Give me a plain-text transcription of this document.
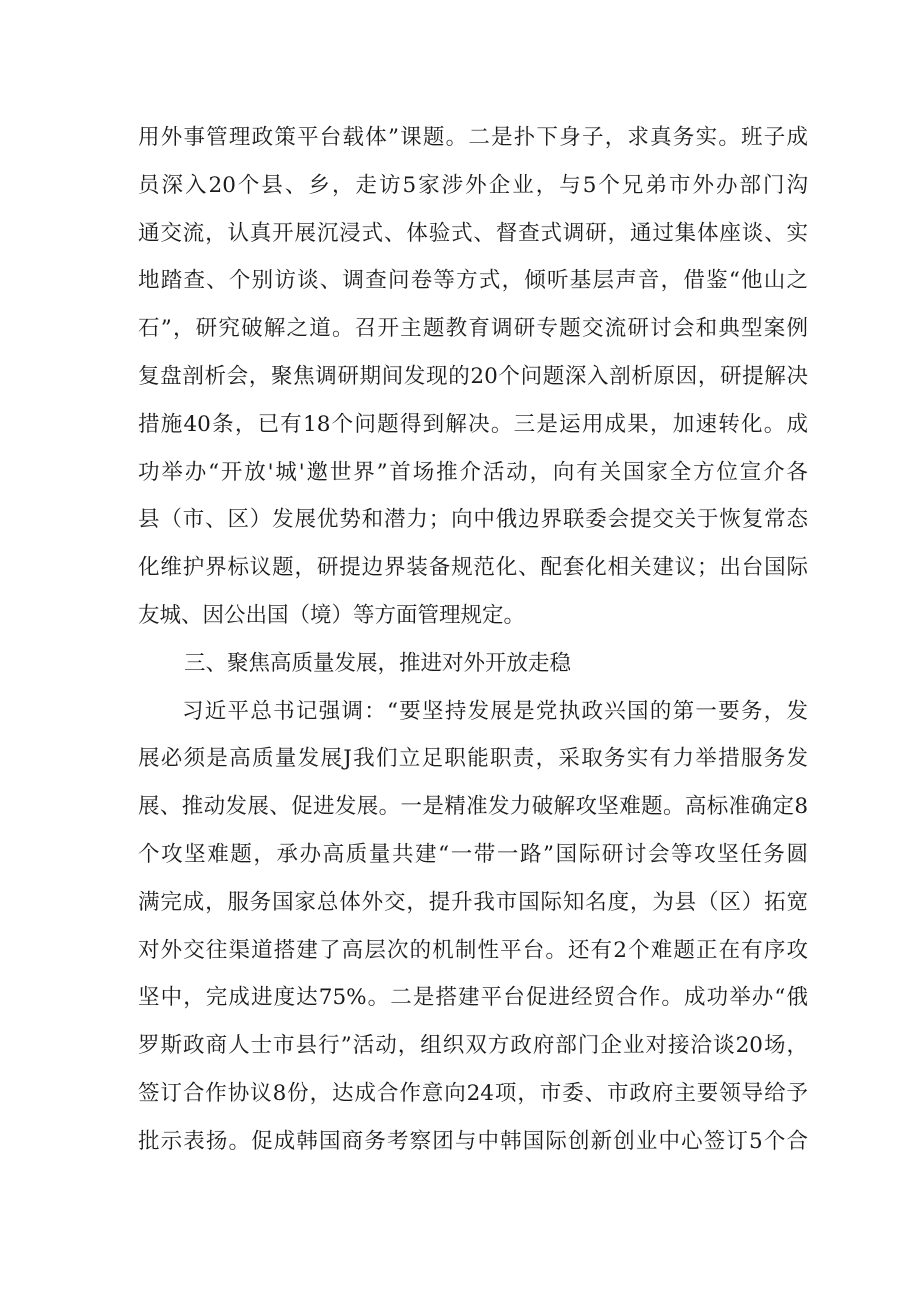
用外事管理政策平台载体”课题。二是扑下身子，求真务实。班子成
员深入20个县、乡，走访5家涉外企业，与5个兄弟市外办部门沟
通交流，认真开展沉浸式、体验式、督查式调研，通过集体座谈、实
地踏查、个别访谈、调查问卷等方式，倾听基层声音，借鉴“他山之
石”，研究破解之道。召开主题教育调研专题交流研讨会和典型案例
复盘剖析会，聚焦调研期间发现的20个问题深入剖析原因，研提解决
措施40条，已有18个问题得到解决。三是运用成果，加速转化。成
功举办“开放'城'邀世界”首场推介活动，向有关国家全方位宣介各
县（市、区）发展优势和潜力；向中俄边界联委会提交关于恢复常态
化维护界标议题，研提边界装备规范化、配套化相关建议；出台国际
友城、因公出国（境）等方面管理规定。
三、聚焦高质量发展，推进对外开放走稳
习近平总书记强调：“要坚持发展是党执政兴国的第一要务，发
展必须是高质量发展J我们立足职能职责，采取务实有力举措服务发
展、推动发展、促进发展。一是精准发力破解攻坚难题。高标准确定8
个攻坚难题，承办高质量共建“一带一路”国际研讨会等攻坚任务圆
满完成，服务国家总体外交，提升我市国际知名度，为县（区）拓宽
对外交往渠道搭建了高层次的机制性平台。还有2个难题正在有序攻
坚中，完成进度达75%。二是搭建平台促进经贸合作。成功举办“俄
罗斯政商人士市县行”活动，组织双方政府部门企业对接洽谈20场，
签订合作协议8份，达成合作意向24项，市委、市政府主要领导给予
批示表扬。促成韩国商务考察团与中韩国际创新创业中心签订5个合
